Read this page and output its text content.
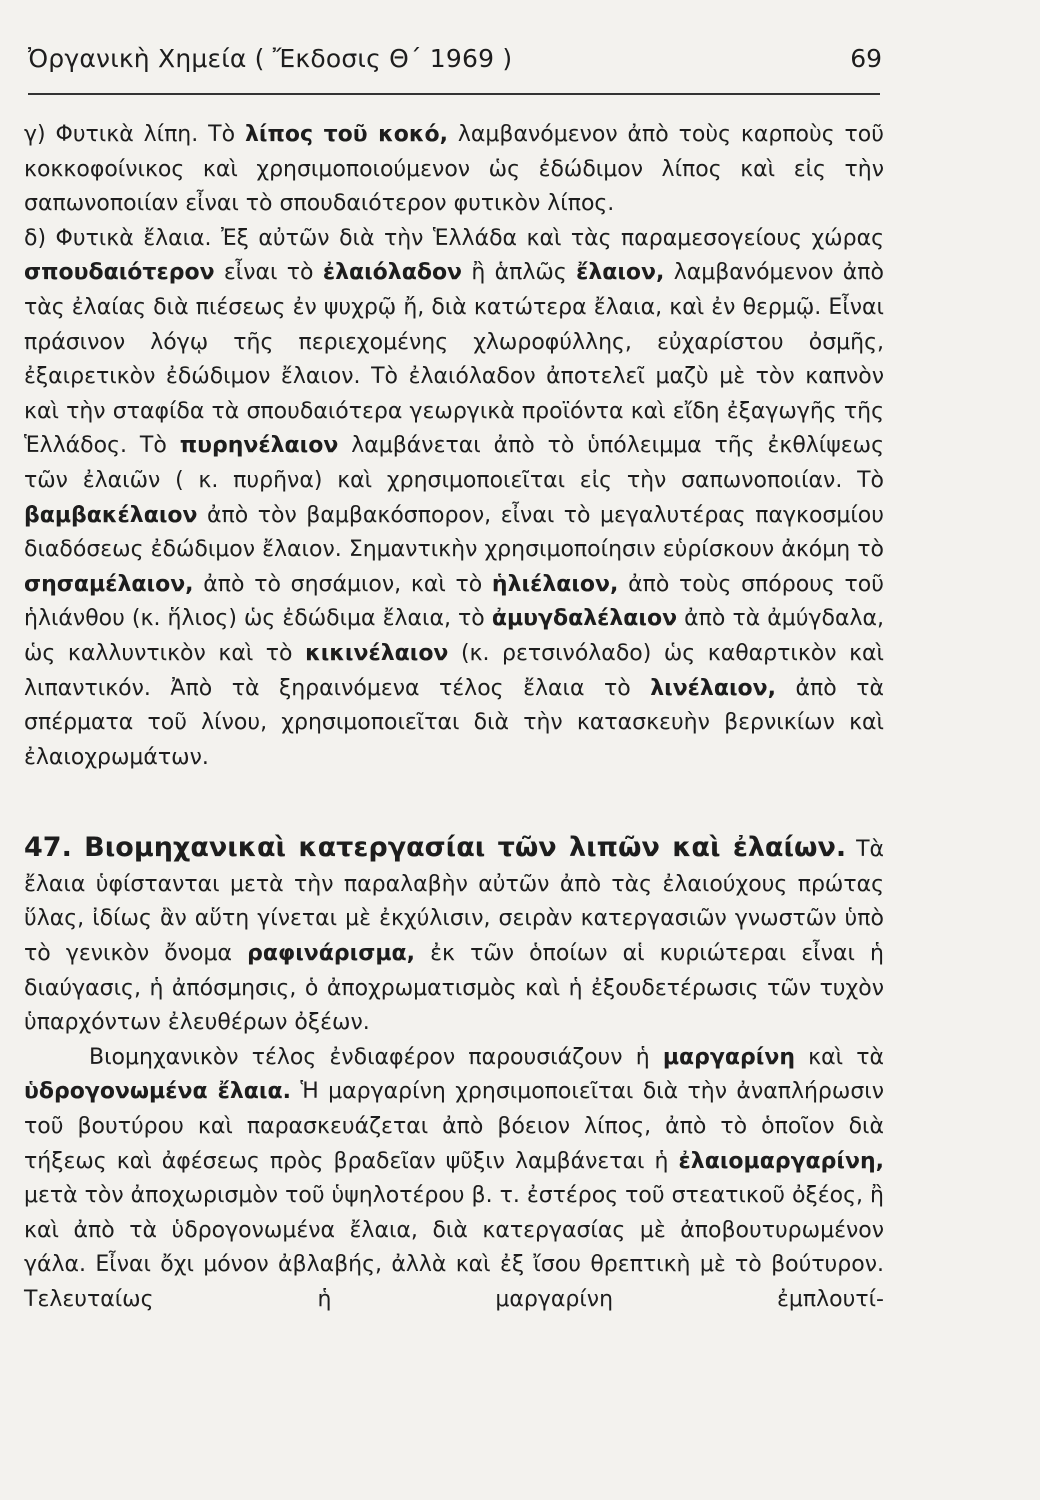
Ὀργανικὴ Χημεία ( Ἔκδοσις Θ΄ 1969 )	69

γ) Φυτικὰ λίπη. Τὸ λίπος τοῦ κοκό, λαμβανόμενον ἀπὸ τοὺς καρποὺς τοῦ κοκκοφοίνικος καὶ χρησιμοποιούμενον ὡς ἐδώδιμον λίπος καὶ εἰς τὴν σαπωνοποιίαν εἶναι τὸ σπουδαιότερον φυτικὸν λίπος.

δ) Φυτικὰ ἔλαια. Ἐξ αὐτῶν διὰ τὴν Ἑλλάδα καὶ τὰς παραμεσογείους χώρας σπουδαιότερον εἶναι τὸ ἐλαιόλαδον ἢ ἁπλῶς ἔλαιον, λαμβανόμενον ἀπὸ τὰς ἐλαίας διὰ πιέσεως ἐν ψυχρῷ ἤ, διὰ κατώτερα ἔλαια, καὶ ἐν θερμῷ. Εἶναι πράσινον λόγῳ τῆς περιεχομένης χλωροφύλλης, εὐχαρίστου ὀσμῆς, ἐξαιρετικὸν ἐδώδιμον ἔλαιον. Τὸ ἐλαιόλαδον ἀποτελεῖ μαζὺ μὲ τὸν καπνὸν καὶ τὴν σταφίδα τὰ σπουδαιότερα γεωργικὰ προϊόντα καὶ εἴδη ἐξαγωγῆς τῆς Ἑλλάδος. Τὸ πυρηνέλαιον λαμβάνεται ἀπὸ τὸ ὑπόλειμμα τῆς ἐκθλίψεως τῶν ἐλαιῶν ( κ. πυρῆνα) καὶ χρησιμοποιεῖται εἰς τὴν σαπωνοποιίαν. Τὸ βαμβακέλαιον ἀπὸ τὸν βαμβακόσπορον, εἶναι τὸ μεγαλυτέρας παγκοσμίου διαδόσεως ἐδώδιμον ἔλαιον. Σημαντικὴν χρησιμοποίησιν εὑρίσκουν ἀκόμη τὸ σησαμέλαιον, ἀπὸ τὸ σησάμιον, καὶ τὸ ἡλιέλαιον, ἀπὸ τοὺς σπόρους τοῦ ἡλιάνθου (κ. ἥλιος) ὡς ἐδώδιμα ἔλαια, τὸ ἀμυγδαλέλαιον ἀπὸ τὰ ἀμύγδαλα, ὡς καλλυντικὸν καὶ τὸ κικινέλαιον (κ. ρετσινόλαδο) ὡς καθαρτικὸν καὶ λιπαντικόν. Ἀπὸ τὰ ξηραινόμενα τέλος ἔλαια τὸ λινέλαιον, ἀπὸ τὰ σπέρματα τοῦ λίνου, χρησιμοποιεῖται διὰ τὴν κατασκευὴν βερνικίων καὶ ἐλαιοχρωμάτων.

47. Βιομηχανικαὶ κατεργασίαι τῶν λιπῶν καὶ ἐλαίων. Τὰ ἔλαια ὑφίστανται μετὰ τὴν παραλαβὴν αὐτῶν ἀπὸ τὰς ἐλαιούχους πρώτας ὕλας, ἰδίως ἂν αὕτη γίνεται μὲ ἐκχύλισιν, σειρὰν κατεργασιῶν γνωστῶν ὑπὸ τὸ γενικὸν ὄνομα ραφινάρισμα, ἐκ τῶν ὁποίων αἱ κυριώτεραι εἶναι ἡ διαύγασις, ἡ ἀπόσμησις, ὁ ἀποχρωματισμὸς καὶ ἡ ἐξουδετέρωσις τῶν τυχὸν ὑπαρχόντων ἐλευθέρων ὀξέων.

Βιομηχανικὸν τέλος ἐνδιαφέρον παρουσιάζουν ἡ μαργαρίνη καὶ τὰ ὑδρογονωμένα ἔλαια. Ἡ μαργαρίνη χρησιμοποιεῖται διὰ τὴν ἀναπλήρωσιν τοῦ βουτύρου καὶ παρασκευάζεται ἀπὸ βόειον λίπος, ἀπὸ τὸ ὁποῖον διὰ τήξεως καὶ ἀφέσεως πρὸς βραδεῖαν ψῦξιν λαμβάνεται ἡ ἐλαιομαργαρίνη, μετὰ τὸν ἀποχωρισμὸν τοῦ ὑψηλοτέρου β. τ. ἐστέρος τοῦ στεατικοῦ ὀξέος, ἢ καὶ ἀπὸ τὰ ὑδρογονωμένα ἔλαια, διὰ κατεργασίας μὲ ἀποβουτυρωμένον γάλα. Εἶναι ὄχι μόνον ἀβλαβής, ἀλλὰ καὶ ἐξ ἴσου θρεπτικὴ μὲ τὸ βούτυρον. Τελευταίως ἡ μαργαρίνη ἐμπλουτί-
